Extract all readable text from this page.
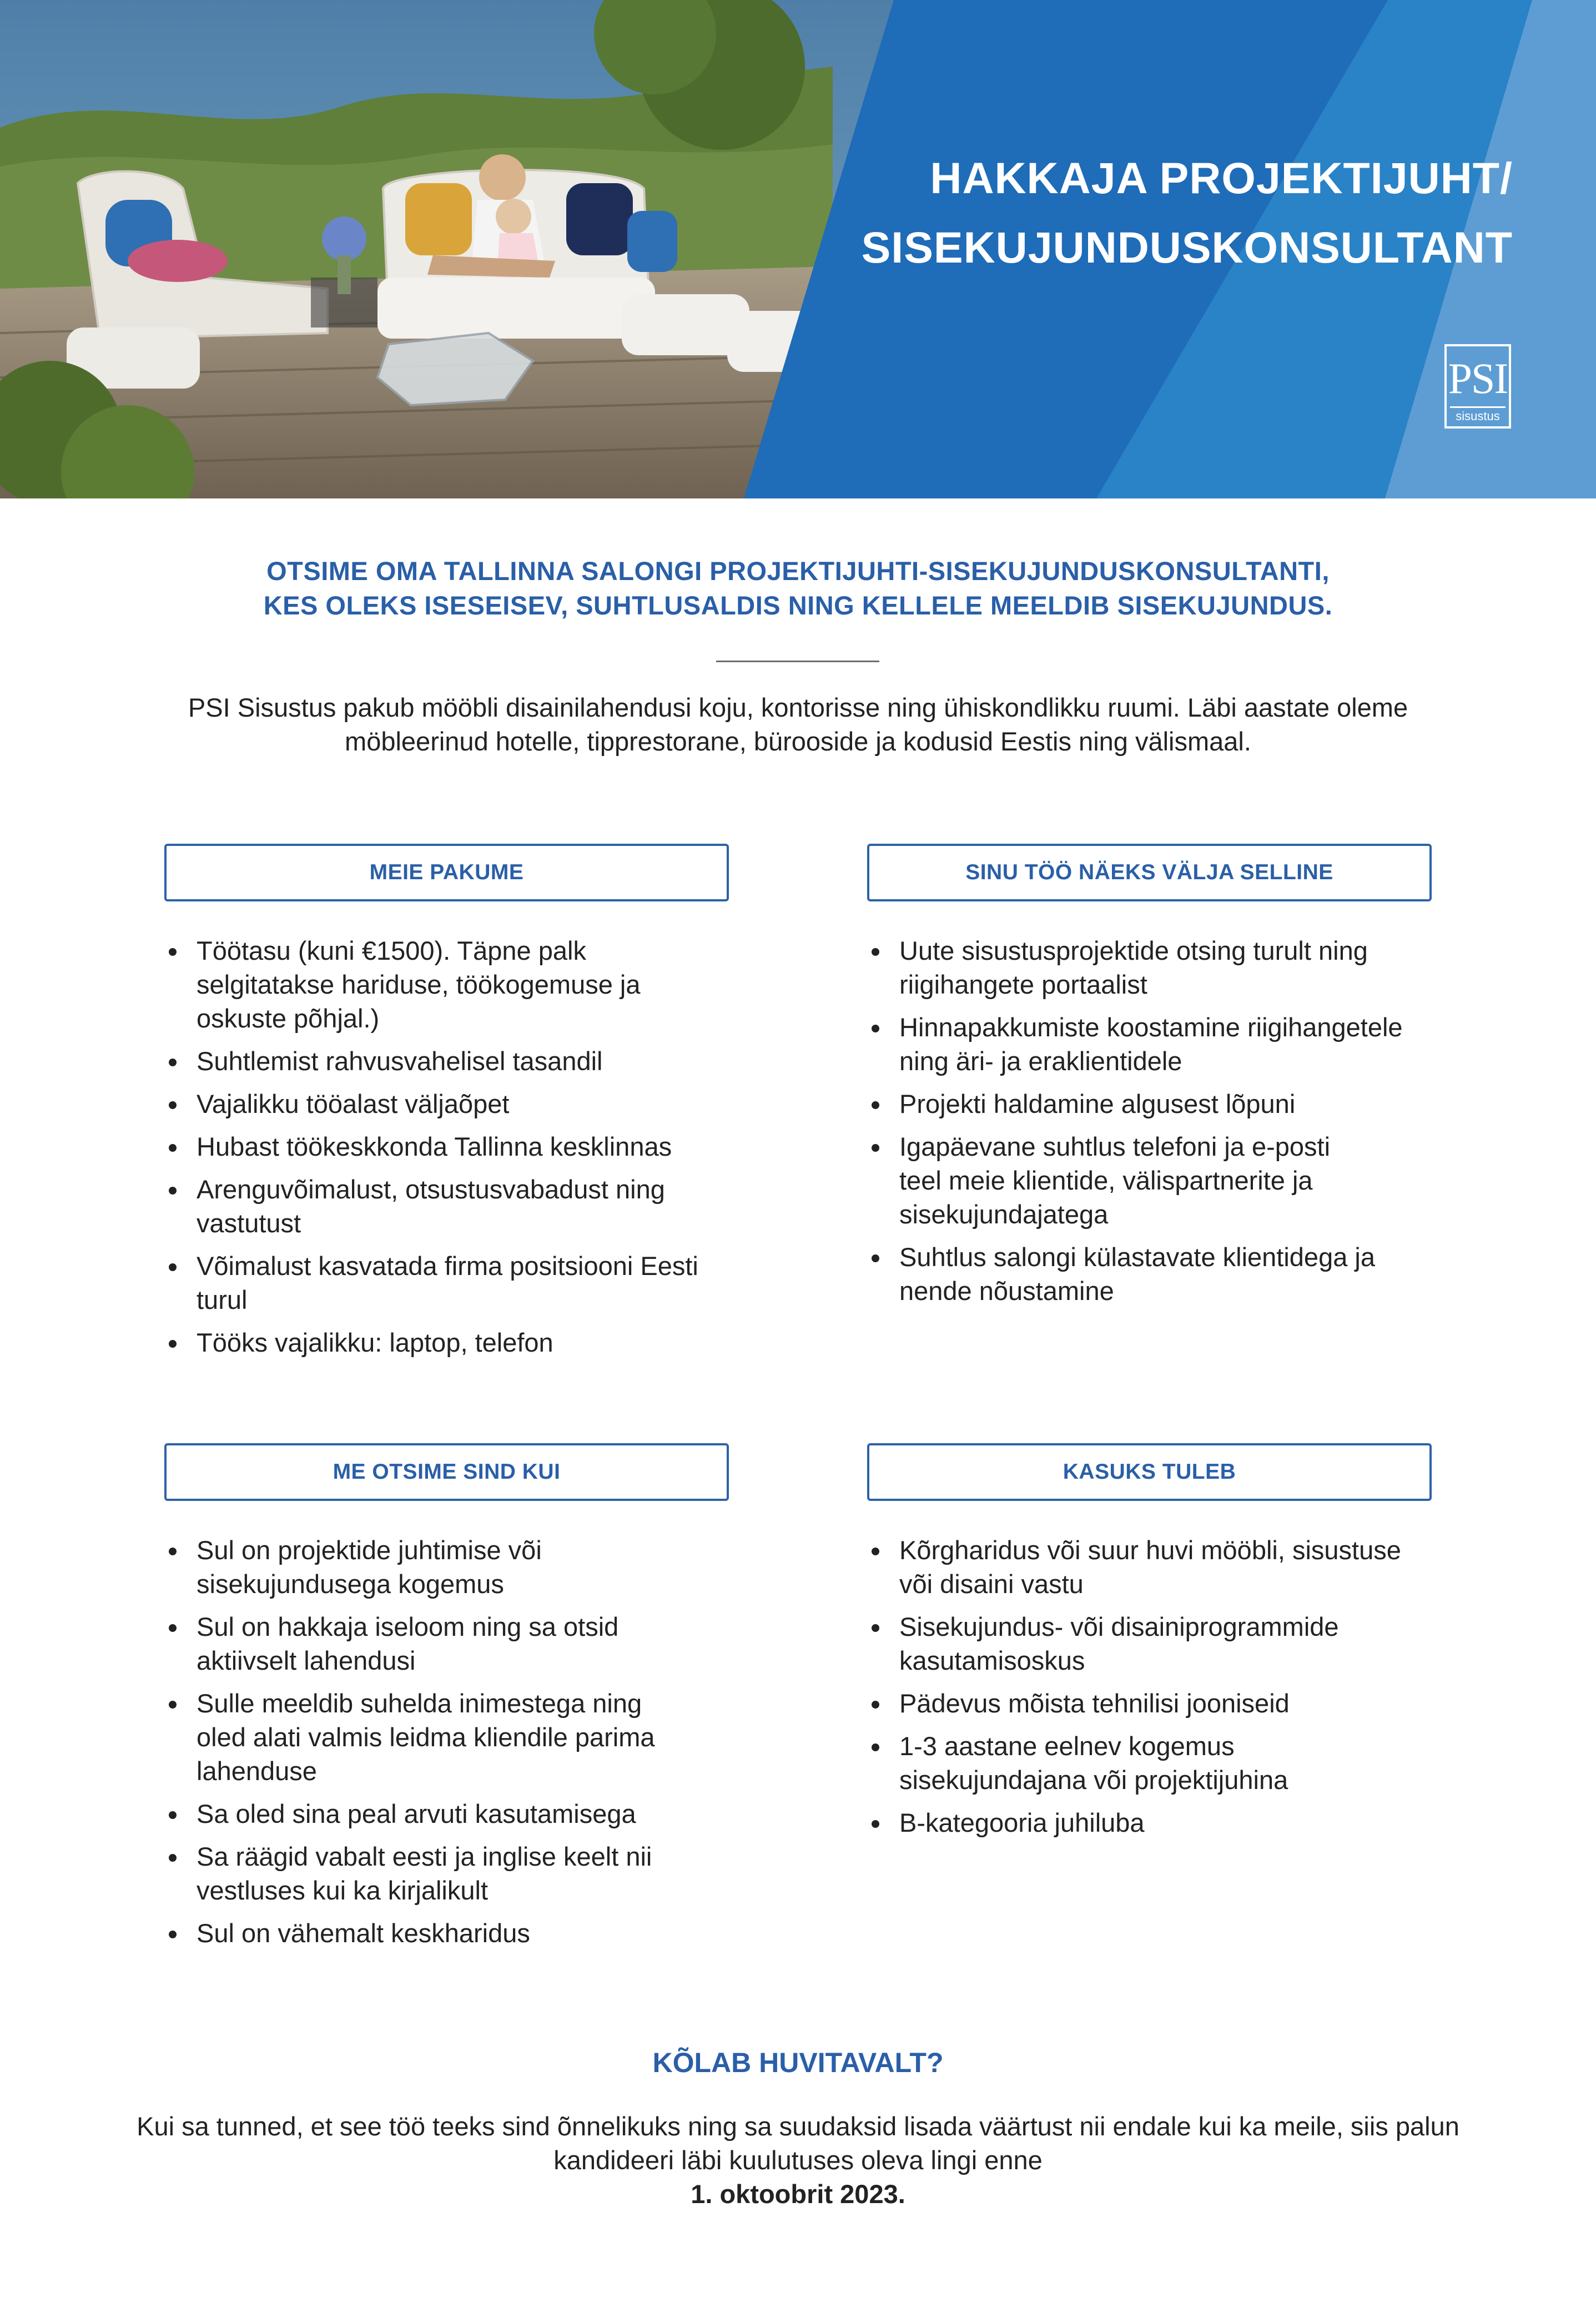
HAKKAJA PROJEKTIJUHT/
SISEKUJUNDUSKONSULTANT
PSI
sisustus
OTSIME OMA TALLINNA SALONGI PROJEKTIJUHTI-SISEKUJUNDUSKONSULTANTI,
KES OLEKS ISESEISEV, SUHTLUSALDIS NING KELLELE MEELDIB SISEKUJUNDUS.

PSI Sisustus pakub mööbli disainilahendusi koju, kontorisse ning ühiskondlikku ruumi. Läbi aastate oleme
möbleerinud hotelle, tipprestorane, bürooside ja kodusid Eestis ning välismaal.

MEIE PAKUME
Töötasu (kuni €1500). Täpne palk
selgitatakse hariduse, töökogemuse ja
oskuste põhjal.)
Suhtlemist rahvusvahelisel tasandil
Vajalikku tööalast väljaõpet
Hubast töökeskkonda Tallinna kesklinnas
Arenguvõimalust, otsustusvabadust ning
vastutust
Võimalust kasvatada firma positsiooni Eesti
turul
Tööks vajalikku: laptop, telefon
SINU TÖÖ NÄEKS VÄLJA SELLINE
Uute sisustusprojektide otsing turult ning
riigihangete portaalist
Hinnapakkumiste koostamine riigihangetele
ning äri- ja eraklientidele
Projekti haldamine algusest lõpuni
Igapäevane suhtlus telefoni ja e-posti
teel meie klientide, välispartnerite ja
sisekujundajatega
Suhtlus salongi külastavate klientidega ja
nende nõustamine
ME OTSIME SIND KUI
Sul on projektide juhtimise või
sisekujundusega kogemus
Sul on hakkaja iseloom ning sa otsid
aktiivselt lahendusi
Sulle meeldib suhelda inimestega ning
oled alati valmis leidma kliendile parima
lahenduse
Sa oled sina peal arvuti kasutamisega
Sa räägid vabalt eesti ja inglise keelt nii
vestluses kui ka kirjalikult
Sul on vähemalt keskharidus
KASUKS TULEB
Kõrgharidus või suur huvi mööbli, sisustuse
või disaini vastu
Sisekujundus- või disainiprogrammide
kasutamisoskus
Pädevus mõista tehnilisi jooniseid
1-3 aastane eelnev kogemus
sisekujundajana või projektijuhina
B-kategooria juhiluba
KÕLAB HUVITAVALT?

Kui sa tunned, et see töö teeks sind õnnelikuks ning sa suudaksid lisada väärtust nii endale kui ka meile, siis palun
kandideeri läbi kuulutuses oleva lingi enne
1. oktoobrit 2023.
